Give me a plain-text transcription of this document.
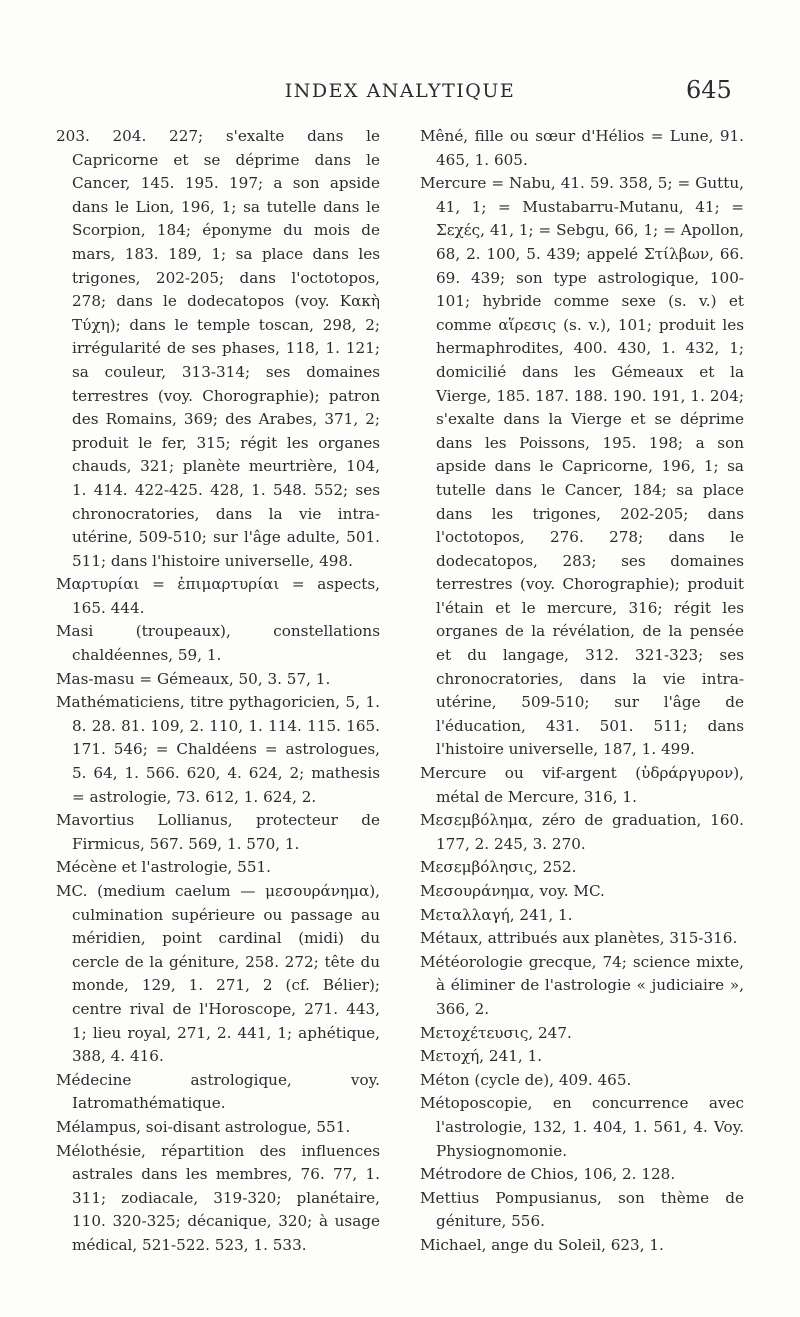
INDEX ANALYTIQUE	645

203. 204. 227; s'exalte dans le Capricorne et se déprime dans le Cancer, 145. 195. 197; a son apside dans le Lion, 196, 1; sa tutelle dans le Scorpion, 184; éponyme du mois de mars, 183. 189, 1; sa place dans les trigones, 202-205; dans l'octotopos, 278; dans le dodecatopos (voy. Κακὴ Τύχη); dans le temple toscan, 298, 2; irrégularité de ses phases, 118, 1. 121; sa couleur, 313-314; ses domaines terrestres (voy. Chorographie); patron des Romains, 369; des Arabes, 371, 2; produit le fer, 315; régit les organes chauds, 321; planète meurtrière, 104, 1. 414. 422-425. 428, 1. 548. 552; ses chronocratories, dans la vie intra-utérine, 509-510; sur l'âge adulte, 501. 511; dans l'histoire universelle, 498.

Μαρτυρίαι = ἐπιμαρτυρίαι = aspects, 165. 444.

Masi (troupeaux), constellations chaldéennes, 59, 1.

Mas-masu = Gémeaux, 50, 3. 57, 1.

Mathématiciens, titre pythagoricien, 5, 1. 8. 28. 81. 109, 2. 110, 1. 114. 115. 165. 171. 546; = Chaldéens = astrologues, 5. 64, 1. 566. 620, 4. 624, 2; mathesis = astrologie, 73. 612, 1. 624, 2.

Mavortius Lollianus, protecteur de Firmicus, 567. 569, 1. 570, 1.

Mécène et l'astrologie, 551.

MC. (medium caelum — μεσουράνημα), culmination supérieure ou passage au méridien, point cardinal (midi) du cercle de la géniture, 258. 272; tête du monde, 129, 1. 271, 2 (cf. Bélier); centre rival de l'Horoscope, 271. 443, 1; lieu royal, 271, 2. 441, 1; aphétique, 388, 4. 416.

Médecine astrologique, voy. Iatromathématique.

Mélampus, soi-disant astrologue, 551.

Mélothésie, répartition des influences astrales dans les membres, 76. 77, 1. 311; zodiacale, 319-320; planétaire, 110. 320-325; décanique, 320; à usage médical, 521-522. 523, 1. 533.

Mêné, fille ou sœur d'Hélios = Lune, 91. 465, 1. 605.

Mercure = Nabu, 41. 59. 358, 5; = Guttu, 41, 1; = Mustabarru-Mutanu, 41; = Σεχές, 41, 1; = Sebgu, 66, 1; = Apollon, 68, 2. 100, 5. 439; appelé Στίλβων, 66. 69. 439; son type astrologique, 100-101; hybride comme sexe (s. v.) et comme αἵρεσις (s. v.), 101; produit les hermaphrodites, 400. 430, 1. 432, 1; domicilié dans les Gémeaux et la Vierge, 185. 187. 188. 190. 191, 1. 204; s'exalte dans la Vierge et se déprime dans les Poissons, 195. 198; a son apside dans le Capricorne, 196, 1; sa tutelle dans le Cancer, 184; sa place dans les trigones, 202-205; dans l'octotopos, 276. 278; dans le dodecatopos, 283; ses domaines terrestres (voy. Chorographie); produit l'étain et le mercure, 316; régit les organes de la révélation, de la pensée et du langage, 312. 321-323; ses chronocratories, dans la vie intra-utérine, 509-510; sur l'âge de l'éducation, 431. 501. 511; dans l'histoire universelle, 187, 1. 499.

Mercure ou vif-argent (ὑδράργυρον), métal de Mercure, 316, 1.

Μεσεμβόλημα, zéro de graduation, 160. 177, 2. 245, 3. 270.

Μεσεμβόλησις, 252.

Μεσουράνημα, voy. MC.

Μεταλλαγή, 241, 1.

Métaux, attribués aux planètes, 315-316.

Météorologie grecque, 74; science mixte, à éliminer de l'astrologie « judiciaire », 366, 2.

Μετοχέτευσις, 247.

Μετοχή, 241, 1.

Méton (cycle de), 409. 465.

Métoposcopie, en concurrence avec l'astrologie, 132, 1. 404, 1. 561, 4. Voy. Physiognomonie.

Métrodore de Chios, 106, 2. 128.

Mettius Pompusianus, son thème de géniture, 556.

Michael, ange du Soleil, 623, 1.
